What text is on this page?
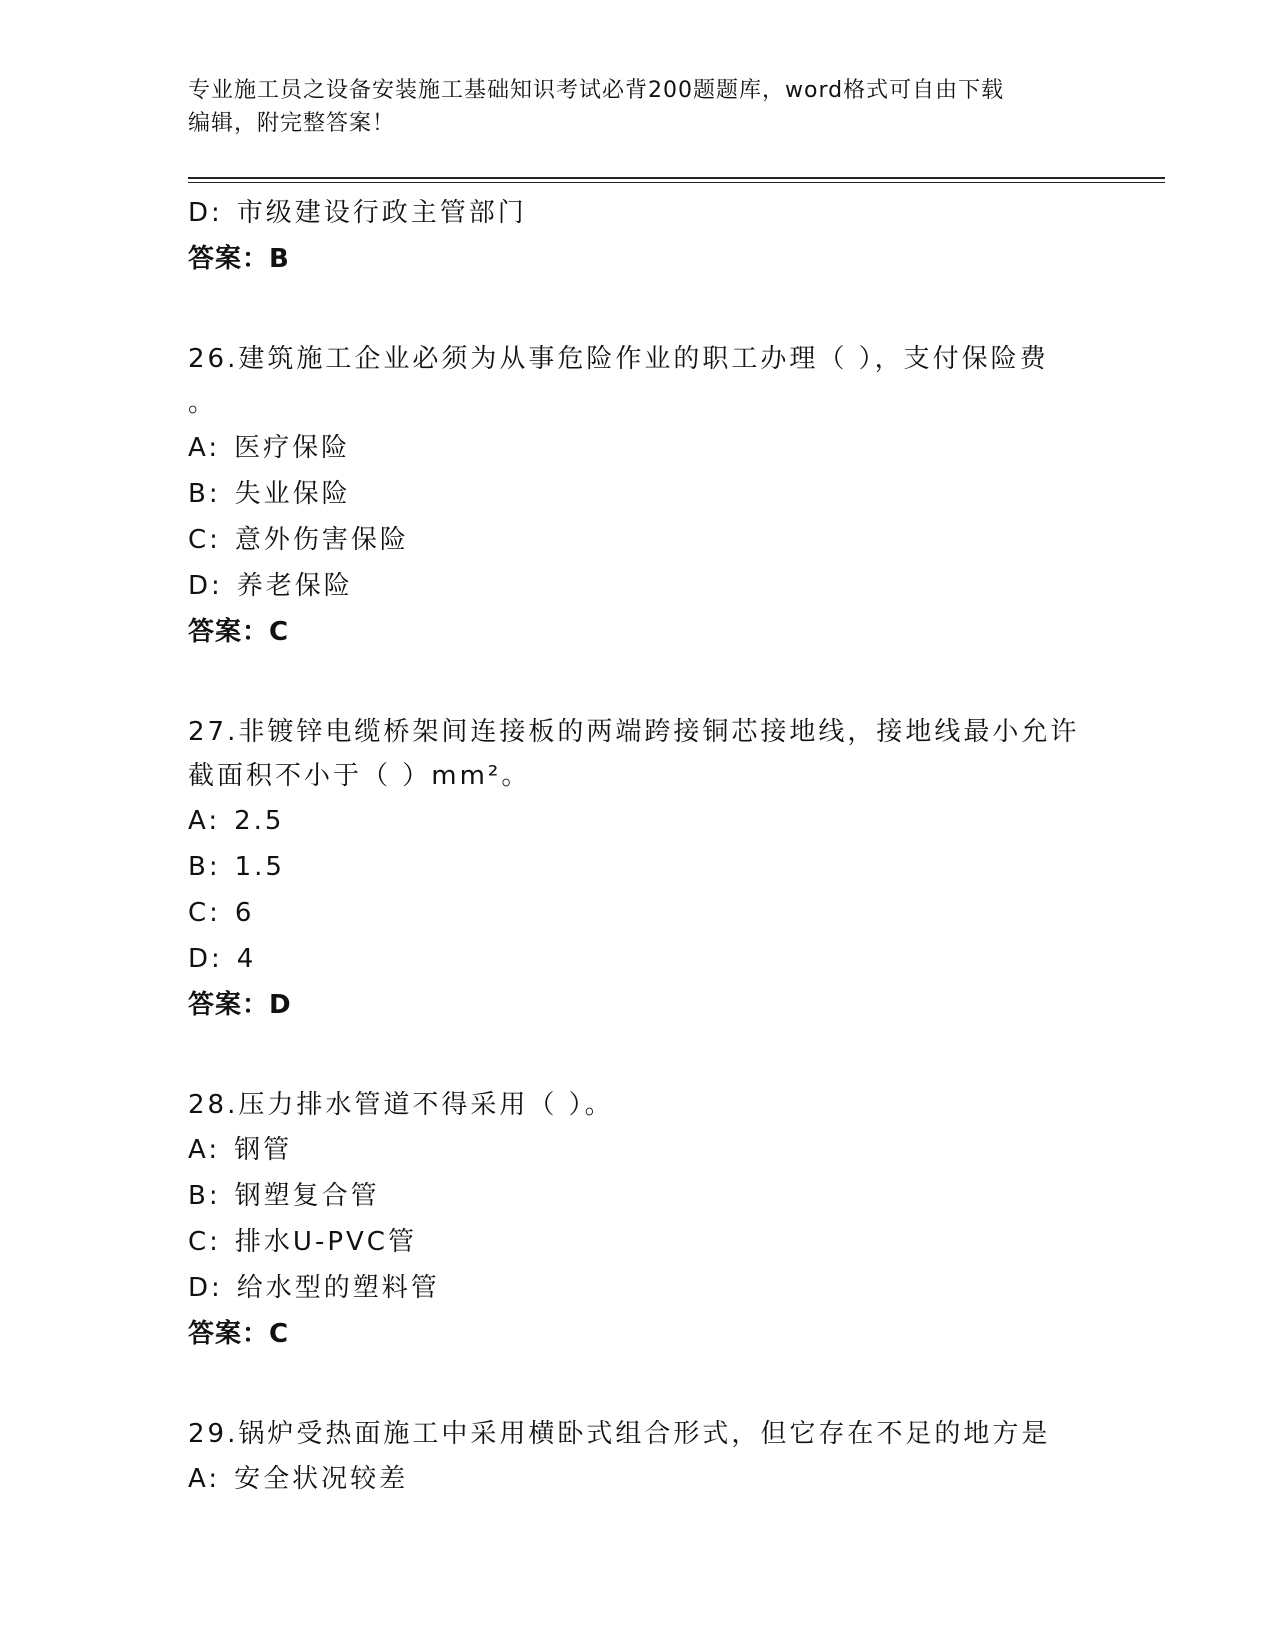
专业施工员之设备安装施工基础知识考试必背200题题库，word格式可自由下载
编辑，附完整答案！
D: 市级建设行政主管部门
答案：B
26.建筑施工企业必须为从事危险作业的职工办理（ ），支付保险费
。
A: 医疗保险
B: 失业保险
C: 意外伤害保险
D: 养老保险
答案：C
27.非镀锌电缆桥架间连接板的两端跨接铜芯接地线，接地线最小允许
截面积不小于（ ）mm²。
A: 2.5
B: 1.5
C: 6
D: 4
答案：D
28.压力排水管道不得采用（ ）。
A: 钢管
B: 钢塑复合管
C: 排水U-PVC管
D: 给水型的塑料管
答案：C
29.锅炉受热面施工中采用横卧式组合形式，但它存在不足的地方是
A: 安全状况较差
